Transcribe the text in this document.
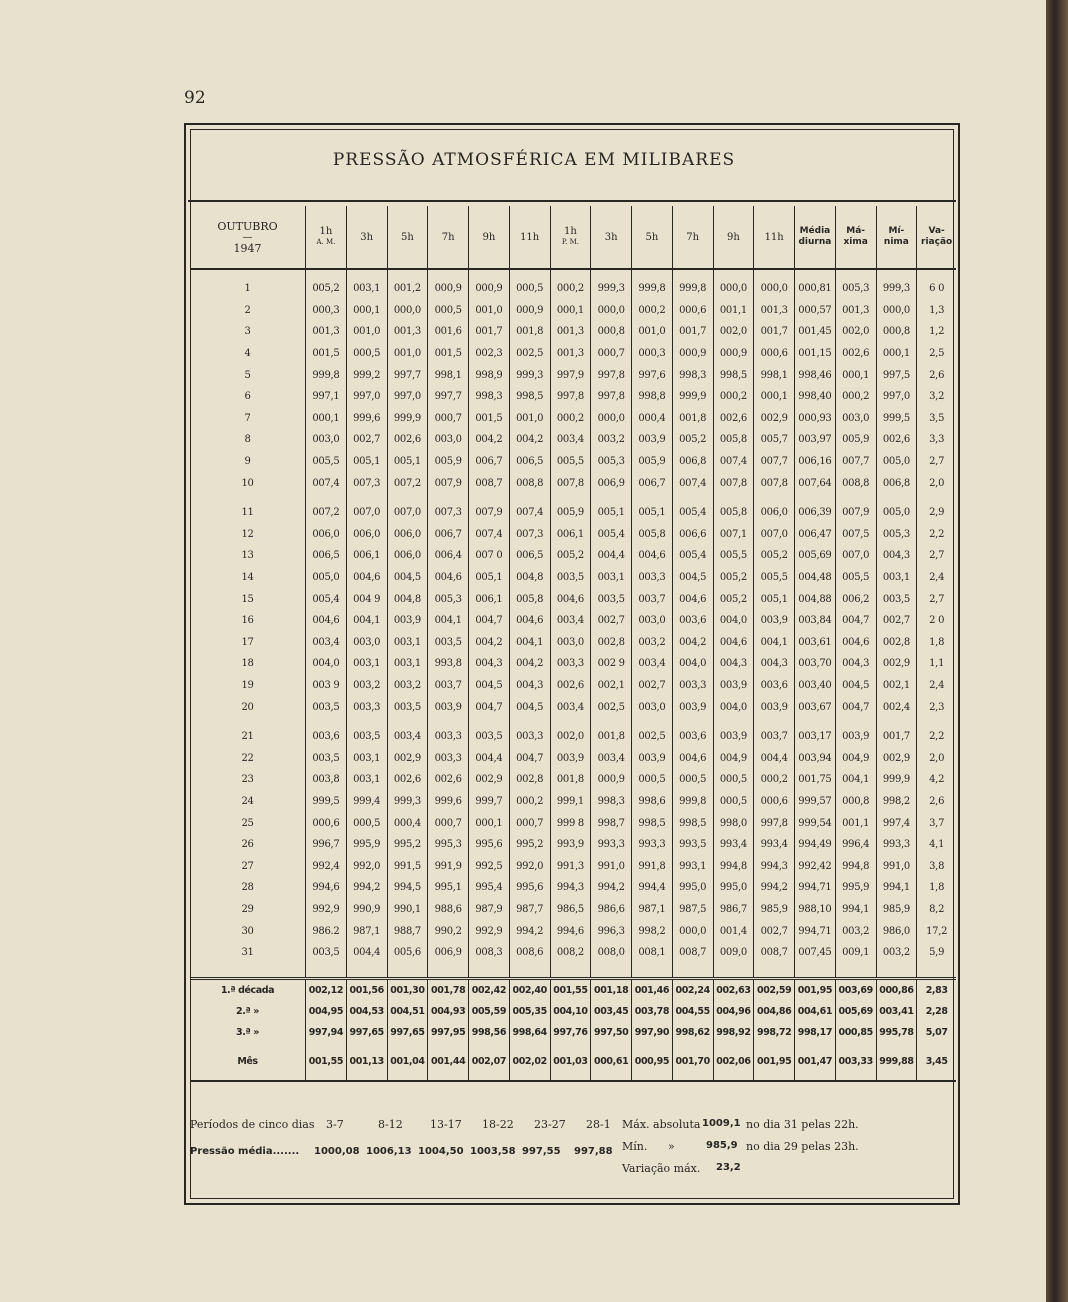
92
PRESSÃO ATMOSFÉRICA EM MILIBARES
OUTUBRO
—
1947	1h
A. M.	3h	5h	7h	9h	11h	1h
P. M.	3h	5h	7h	9h	11h	Média diurna	Má- xima	Mí- nima	Va- riação

1	005,2	003,1	001,2	000,9	000,9	000,5	000,2	999,3	999,8	999,8	000,0	000,0	000,81	005,3	999,3	6 0
2	000,3	000,1	000,0	000,5	001,0	000,9	000,1	000,0	000,2	000,6	001,1	001,3	000,57	001,3	000,0	1,3
3	001,3	001,0	001,3	001,6	001,7	001,8	001,3	000,8	001,0	001,7	002,0	001,7	001,45	002,0	000,8	1,2
4	001,5	000,5	001,0	001,5	002,3	002,5	001,3	000,7	000,3	000,9	000,9	000,6	001,15	002,6	000,1	2,5
5	999,8	999,2	997,7	998,1	998,9	999,3	997,9	997,8	997,6	998,3	998,5	998,1	998,46	000,1	997,5	2,6
6	997,1	997,0	997,0	997,7	998,3	998,5	997,8	997,8	998,8	999,9	000,2	000,1	998,40	000,2	997,0	3,2
7	000,1	999,6	999,9	000,7	001,5	001,0	000,2	000,0	000,4	001,8	002,6	002,9	000,93	003,0	999,5	3,5
8	003,0	002,7	002,6	003,0	004,2	004,2	003,4	003,2	003,9	005,2	005,8	005,7	003,97	005,9	002,6	3,3
9	005,5	005,1	005,1	005,9	006,7	006,5	005,5	005,3	005,9	006,8	007,4	007,7	006,16	007,7	005,0	2,7
10	007,4	007,3	007,2	007,9	008,7	008,8	007,8	006,9	006,7	007,4	007,8	007,8	007,64	008,8	006,8	2,0

11	007,2	007,0	007,0	007,3	007,9	007,4	005,9	005,1	005,1	005,4	005,8	006,0	006,39	007,9	005,0	2,9
12	006,0	006,0	006,0	006,7	007,4	007,3	006,1	005,4	005,8	006,6	007,1	007,0	006,47	007,5	005,3	2,2
13	006,5	006,1	006,0	006,4	007 0	006,5	005,2	004,4	004,6	005,4	005,5	005,2	005,69	007,0	004,3	2,7
14	005,0	004,6	004,5	004,6	005,1	004,8	003,5	003,1	003,3	004,5	005,2	005,5	004,48	005,5	003,1	2,4
15	005,4	004 9	004,8	005,3	006,1	005,8	004,6	003,5	003,7	004,6	005,2	005,1	004,88	006,2	003,5	2,7
16	004,6	004,1	003,9	004,1	004,7	004,6	003,4	002,7	003,0	003,6	004,0	003,9	003,84	004,7	002,7	2 0
17	003,4	003,0	003,1	003,5	004,2	004,1	003,0	002,8	003,2	004,2	004,6	004,1	003,61	004,6	002,8	1,8
18	004,0	003,1	003,1	993,8	004,3	004,2	003,3	002 9	003,4	004,0	004,3	004,3	003,70	004,3	002,9	1,1
19	003 9	003,2	003,2	003,7	004,5	004,3	002,6	002,1	002,7	003,3	003,9	003,6	003,40	004,5	002,1	2,4
20	003,5	003,3	003,5	003,9	004,7	004,5	003,4	002,5	003,0	003,9	004,0	003,9	003,67	004,7	002,4	2,3

21	003,6	003,5	003,4	003,3	003,5	003,3	002,0	001,8	002,5	003,6	003,9	003,7	003,17	003,9	001,7	2,2
22	003,5	003,1	002,9	003,3	004,4	004,7	003,9	003,4	003,9	004,6	004,9	004,4	003,94	004,9	002,9	2,0
23	003,8	003,1	002,6	002,6	002,9	002,8	001,8	000,9	000,5	000,5	000,5	000,2	001,75	004,1	999,9	4,2
24	999,5	999,4	999,3	999,6	999,7	000,2	999,1	998,3	998,6	999,8	000,5	000,6	999,57	000,8	998,2	2,6
25	000,6	000,5	000,4	000,7	000,1	000,7	999 8	998,7	998,5	998,5	998,0	997,8	999,54	001,1	997,4	3,7
26	996,7	995,9	995,2	995,3	995,6	995,2	993,9	993,3	993,3	993,5	993,4	993,4	994,49	996,4	993,3	4,1
27	992,4	992,0	991,5	991,9	992,5	992,0	991,3	991,0	991,8	993,1	994,8	994,3	992,42	994,8	991,0	3,8
28	994,6	994,2	994,5	995,1	995,4	995,6	994,3	994,2	994,4	995,0	995,0	994,2	994,71	995,9	994,1	1,8
29	992,9	990,9	990,1	988,6	987,9	987,7	986,5	986,6	987,1	987,5	986,7	985,9	988,10	994,1	985,9	8,2
30	986.2	987,1	988,7	990,2	992,9	994,2	994,6	996,3	998,2	000,0	001,4	002,7	994,71	003,2	986,0	17,2
31	003,5	004,4	005,6	006,9	008,3	008,6	008,2	008,0	008,1	008,7	009,0	008,7	007,45	009,1	003,2	5,9

1.ª década	002,12	001,56	001,30	001,78	002,42	002,40	001,55	001,18	001,46	002,24	002,63	002,59	001,95	003,69	000,86	2,83
2.ª »	004,95	004,53	004,51	004,93	005,59	005,35	004,10	003,45	003,78	004,55	004,96	004,86	004,61	005,69	003,41	2,28
3.ª »	997,94	997,65	997,65	997,95	998,56	998,64	997,76	997,50	997,90	998,62	998,92	998,72	998,17	000,85	995,78	5,07

Mês	001,55	001,13	001,04	001,44	002,07	002,02	001,03	000,61	000,95	001,70	002,06	001,95	001,47	003,33	999,88	3,45

Períodos de cinco dias 3-7	8-12 13-17 18-22 23-27 28-1
Pressão média....... 1000,08 1006,13 1004,50 1003,58 997,55 997,88
Máx. absoluta 1009,1 no dia 31 pelas 22h.
Mín. »	985,9 no dia 29 pelas 23h.
Variação máx. 23,2
